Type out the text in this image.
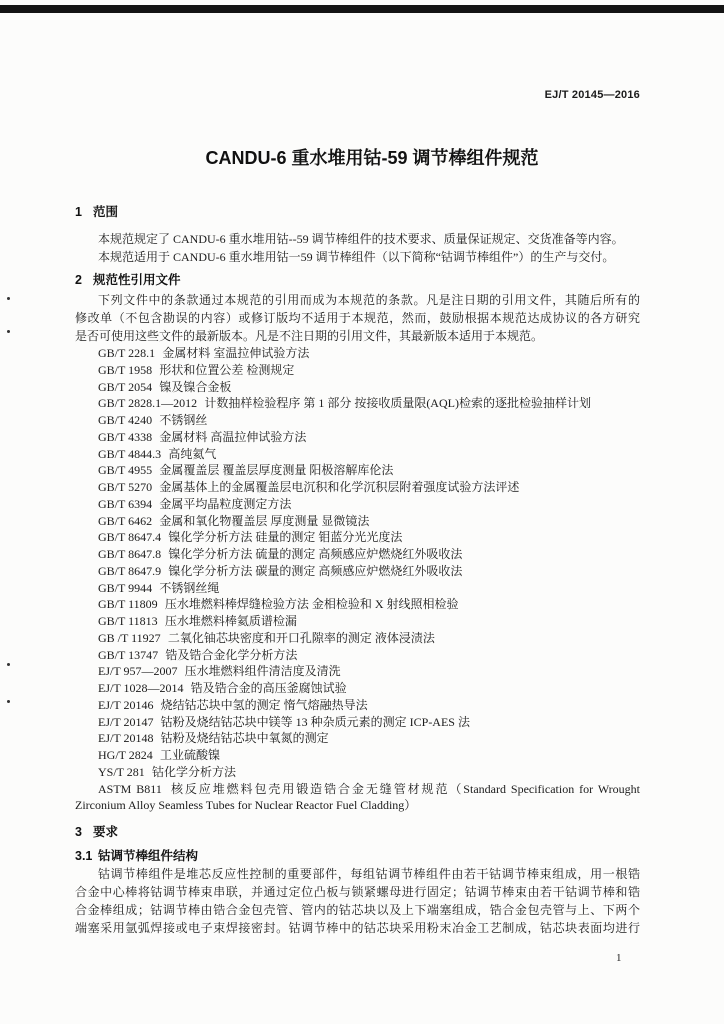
EJ/T 20145—2016
CANDU-6 重水堆用钴-59 调节棒组件规范
1 范围
本规范规定了 CANDU-6 重水堆用钴--59 调节棒组件的技术要求、质量保证规定、交货准备等内容。
本规范适用于 CANDU-6 重水堆用钴一59 调节棒组件（以下简称“钴调节棒组件”）的生产与交付。
2 规范性引用文件
下列文件中的条款通过本规范的引用而成为本规范的条款。凡是注日期的引用文件，其随后所有的
修改单（不包含勘误的内容）或修订版均不适用于本规范，然而，鼓励根据本规范达成协议的各方研究
是否可使用这些文件的最新版本。凡是不注日期的引用文件，其最新版本适用于本规范。
GB/T 228.1 金属材料 室温拉伸试验方法
GB/T 1958 形状和位置公差 检测规定
GB/T 2054 镍及镍合金板
GB/T 2828.1—2012 计数抽样检验程序 第 1 部分 按接收质量限(AQL)检索的逐批检验抽样计划
GB/T 4240 不锈钢丝
GB/T 4338 金属材料 高温拉伸试验方法
GB/T 4844.3 高纯氦气
GB/T 4955 金属覆盖层 覆盖层厚度测量 阳极溶解库伦法
GB/T 5270 金属基体上的金属覆盖层电沉积和化学沉积层附着强度试验方法评述
GB/T 6394 金属平均晶粒度测定方法
GB/T 6462 金属和氧化物覆盖层 厚度测量 显微镜法
GB/T 8647.4 镍化学分析方法 硅量的测定 钼蓝分光光度法
GB/T 8647.8 镍化学分析方法 硫量的测定 高频感应炉燃烧红外吸收法
GB/T 8647.9 镍化学分析方法 碳量的测定 高频感应炉燃烧红外吸收法
GB/T 9944 不锈钢丝绳
GB/T 11809 压水堆燃料棒焊缝检验方法 金相检验和 X 射线照相检验
GB/T 11813 压水堆燃料棒氦质谱检漏
GB /T 11927 二氧化铀芯块密度和开口孔隙率的测定 液体浸渍法
GB/T 13747 锆及锆合金化学分析方法
EJ/T 957—2007 压水堆燃料组件清洁度及清洗
EJ/T 1028—2014 锆及锆合金的高压釜腐蚀试验
EJ/T 20146 烧结钴芯块中氢的测定 惰气熔融热导法
EJ/T 20147 钴粉及烧结钴芯块中镁等 13 种杂质元素的测定 ICP-AES 法
EJ/T 20148 钴粉及烧结钴芯块中氧氮的测定
HG/T 2824 工业硫酸镍
YS/T 281 钴化学分析方法
ASTM B811 核反应堆燃料包壳用锻造锆合金无缝管材规范（Standard Specification for Wrought
Zirconium Alloy Seamless Tubes for Nuclear Reactor Fuel Cladding）
3 要求
3.1 钴调节棒组件结构
钴调节棒组件是堆芯反应性控制的重要部件，每组钴调节棒组件由若干钴调节棒束组成，用一根锆
合金中心棒将钴调节棒束串联，并通过定位凸板与锁紧螺母进行固定；钴调节棒束由若干钴调节棒和锆
合金棒组成；钴调节棒由锆合金包壳管、管内的钴芯块以及上下端塞组成，锆合金包壳管与上、下两个
端塞采用氩弧焊接或电子束焊接密封。钴调节棒中的钴芯块采用粉末冶金工艺制成，钴芯块表面均进行
1
